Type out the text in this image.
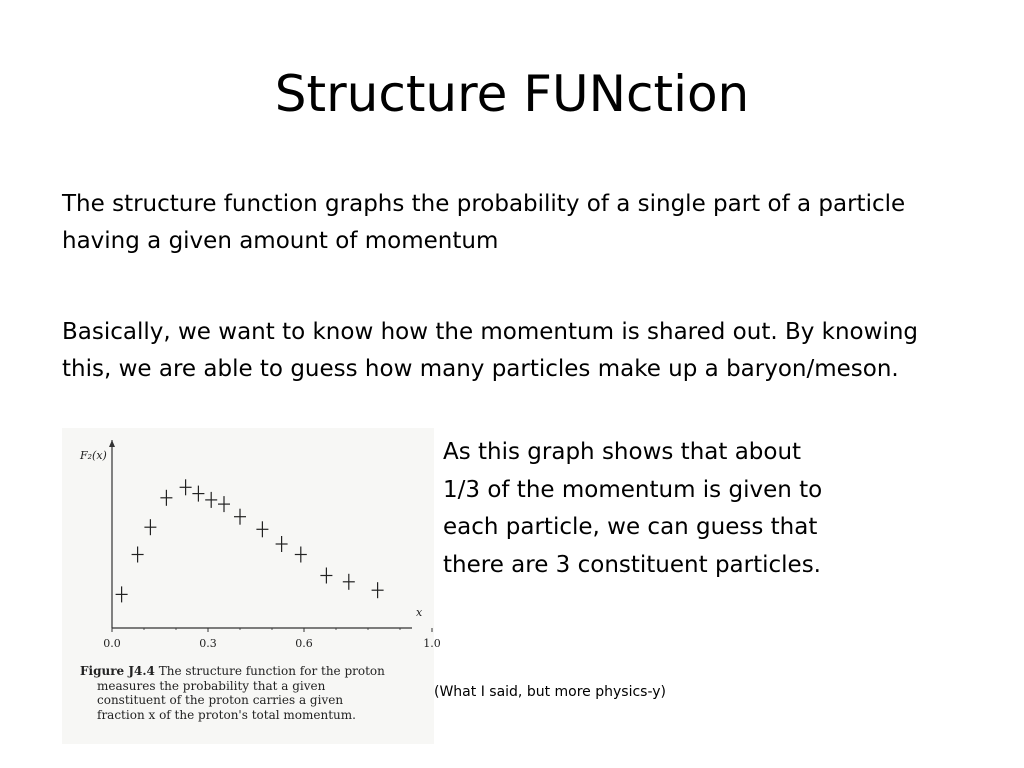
Structure FUNction
The structure function graphs the probability of a single part of a particle having a given amount of momentum
Basically, we want to know how the momentum is shared out. By knowing this, we are able to guess how many particles make up a baryon/meson.
F₂(x)
x
0.0	0.3	0.6	1.0
Figure J4.4 The structure function for the proton
measures the probability that a given
constituent of the proton carries a given
fraction x of the proton's total momentum.
As this graph shows that about 1/3 of the momentum is given to each particle, we can guess that there are 3 constituent particles.
(What I said, but more physics-y)
